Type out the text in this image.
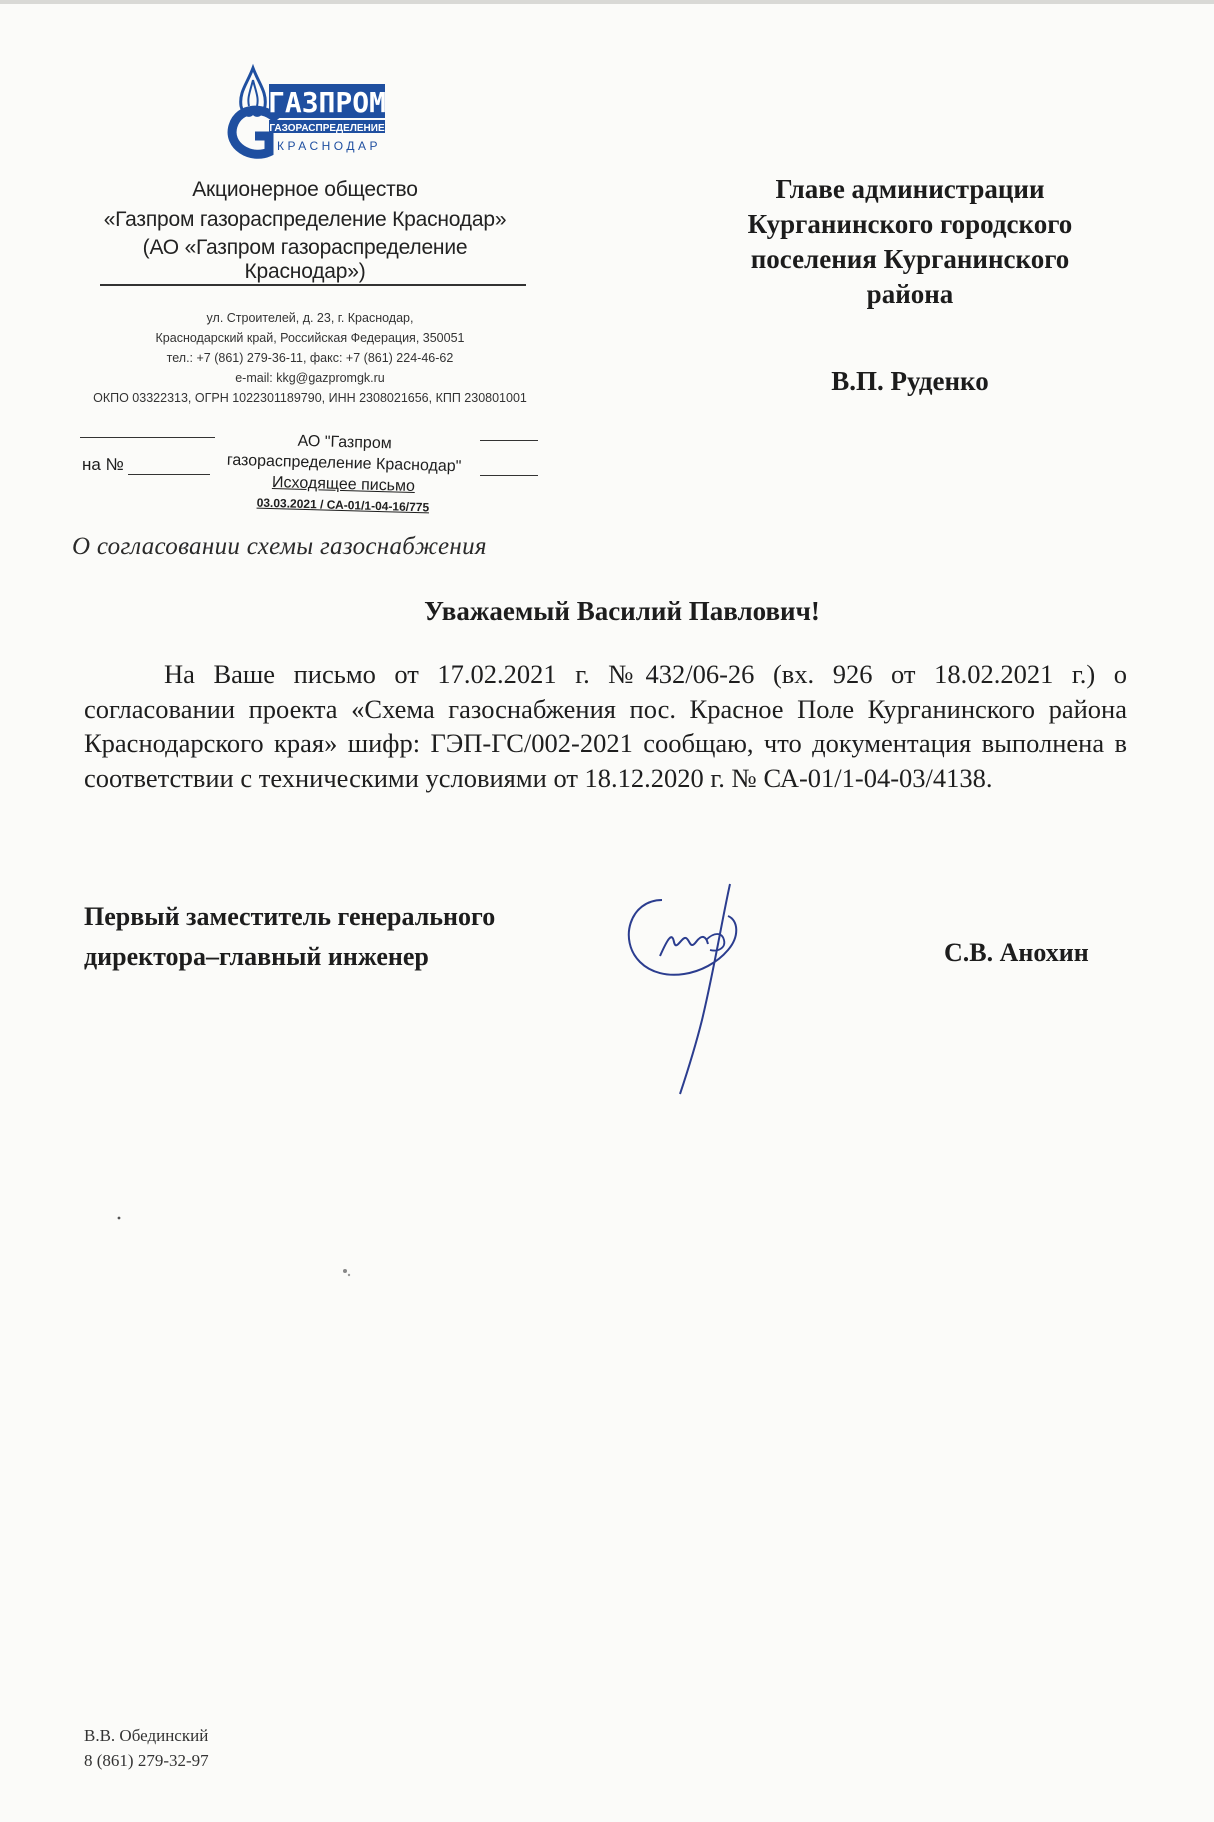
ГАЗПРОМ
ГАЗОРАСПРЕДЕЛЕНИЕ
КРАСНОДАР
Акционерное общество
«Газпром газораспределение Краснодар»
(АО «Газпром газораспределение Краснодар»)
ул. Строителей, д. 23, г. Краснодар,
Краснодарский край, Российская Федерация, 350051
тел.: +7 (861) 279-36-11, факс: +7 (861) 224-46-62
e-mail: kkg@gazpromgk.ru
ОКПО 03322313, ОГРН 1022301189790, ИНН 2308021656, КПП 230801001
на №
АО "Газпром
газораспределение Краснодар"
Исходящее письмо
03.03.2021 / СА-01/1-04-16/775
О согласовании схемы газоснабжения
Главе администрации
Курганинского городского
поселения Курганинского
района
В.П. Руденко
Уважаемый Василий Павлович!

На Ваше письмо от 17.02.2021 г. №432/06-26 (вх. 926 от 18.02.2021 г.) о согласовании проекта «Схема газоснабжения пос. Красное Поле Курганинского района Краснодарского края» шифр: ГЭП-ГС/002-2021 сообщаю, что документация выполнена в соответствии с техническими условиями от 18.12.2020 г. № СА-01/1-04-03/4138.

Первый заместитель генерального
директора–главный инженер	С.В. Анохин
В.В. Обединский
8 (861) 279-32-97
